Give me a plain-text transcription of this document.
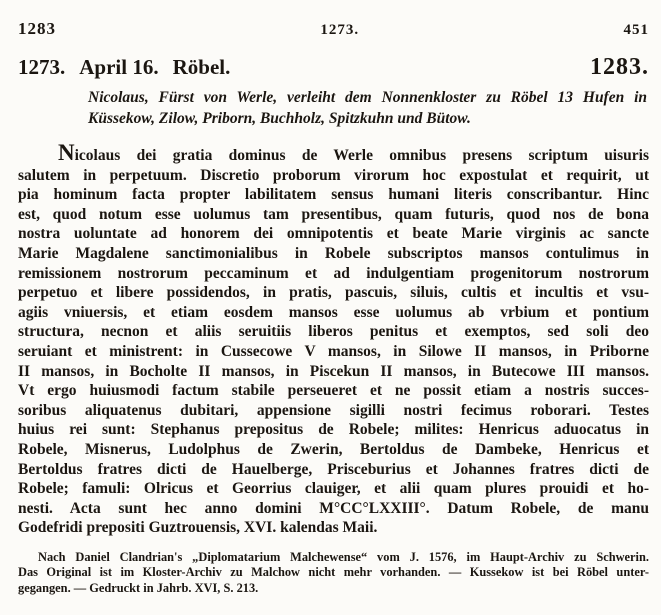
1283	1273.	451
1273. April 16. Röbel.	1283.
Nicolaus, Fürst von Werle, verleiht dem Nonnenkloster zu Röbel 13 Hufen in
Küssekow, Zilow, Priborn, Buchholz, Spitzkuhn und Bütow.
Nicolaus dei gratia dominus de Werle omnibus presens scriptum uisuris
salutem in perpetuum. Discretio proborum virorum hoc expostulat et requirit, ut
pia hominum facta propter labilitatem sensus humani literis conscribantur. Hinc
est, quod notum esse uolumus tam presentibus, quam futuris, quod nos de bona
nostra uoluntate ad honorem dei omnipotentis et beate Marie virginis ac sancte
Marie Magdalene sanctimonialibus in Robele subscriptos mansos contulimus in
remissionem nostrorum peccaminum et ad indulgentiam progenitorum nostrorum
perpetuo et libere possidendos, in pratis, pascuis, siluis, cultis et incultis et vsu-
agiis vniuersis, et etiam eosdem mansos esse uolumus ab vrbium et pontium
structura, necnon et aliis seruitiis liberos penitus et exemptos, sed soli deo
seruiant et ministrent: in Cussecowe V mansos, in Silowe II mansos, in Priborne
II mansos, in Bocholte II mansos, in Piscekun II mansos, in Butecowe III mansos.
Vt ergo huiusmodi factum stabile perseueret et ne possit etiam a nostris succes-
soribus aliquatenus dubitari, appensione sigilli nostri fecimus roborari. Testes
huius rei sunt: Stephanus prepositus de Robele; milites: Henricus aduocatus in
Robele, Misnerus, Ludolphus de Zwerin, Bertoldus de Dambeke, Henricus et
Bertoldus fratres dicti de Hauelberge, Prisceburius et Johannes fratres dicti de
Robele; famuli: Olricus et Georrius clauiger, et alii quam plures prouidi et ho-
nesti. Acta sunt hec anno domini M°CC°LXXIII°. Datum Robele, de manu
Godefridi prepositi Guztrouensis, XVI. kalendas Maii.
Nach Daniel Clandrian's „Diplomatarium Malchewense“ vom J. 1576, im Haupt-Archiv zu Schwerin.
Das Original ist im Kloster-Archiv zu Malchow nicht mehr vorhanden. — Kussekow ist bei Röbel unter-
gegangen. — Gedruckt in Jahrb. XVI, S. 213.
